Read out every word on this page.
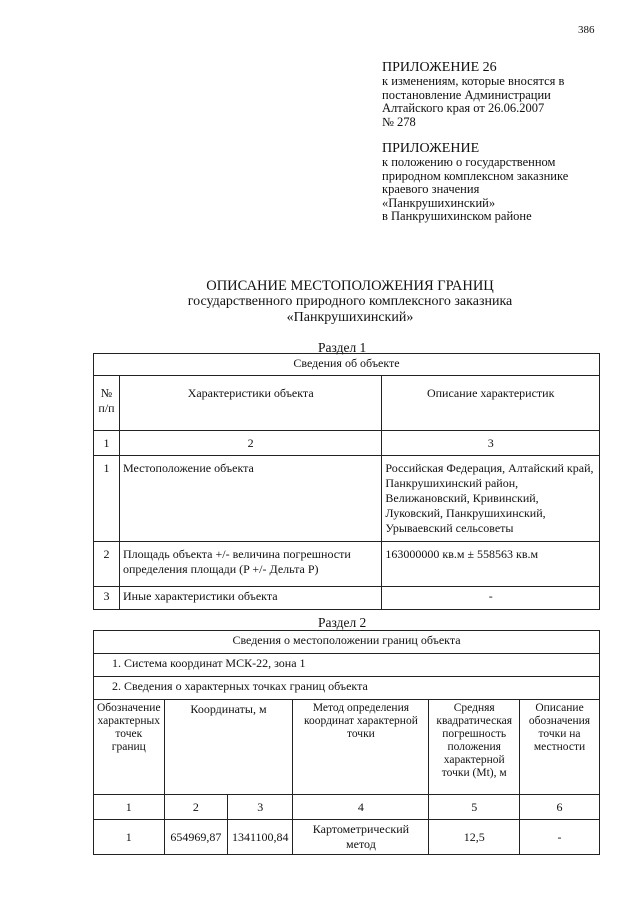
386
ПРИЛОЖЕНИЕ 26
к изменениям, которые вносятся в
постановление Администрации
Алтайского края от 26.06.2007
№ 278
ПРИЛОЖЕНИЕ
к положению о государственном
природном комплексном заказнике
краевого значения
«Панкрушихинский»
в Панкрушихинском районе
ОПИСАНИЕ МЕСТОПОЛОЖЕНИЯ ГРАНИЦ
государственного природного комплексного заказника
«Панкрушихинский»
Раздел 1
Сведения об объекте		
№ п/п	Характеристики объекта	Описание характеристик
1	2	3
1	Местоположение объекта	Российская Федерация, Алтайский край, Панкрушихинский район, Велижановский, Кривинский, Луковский, Панкрушихинский, Урываевский сельсоветы
2	Площадь объекта +/- величина погрешности определения площади (P +/- Дельта P)	163000000 кв.м ± 558563 кв.м
3	Иные характеристики объекта	-
Раздел 2
Сведения о местоположении границ объекта					
1. Система координат МСК-22, зона 1					
2. Сведения о характерных точках границ объекта					
Обозначение характерных точек границ	Координаты, м		Метод определения координат характерной точки	Средняя квадратическая погрешность положения характерной точки (Mt), м	Описание обозначения точки на местности
1	2	3	4	5	6
1	654969,87	1341100,84	Картометрический метод	12,5	-
